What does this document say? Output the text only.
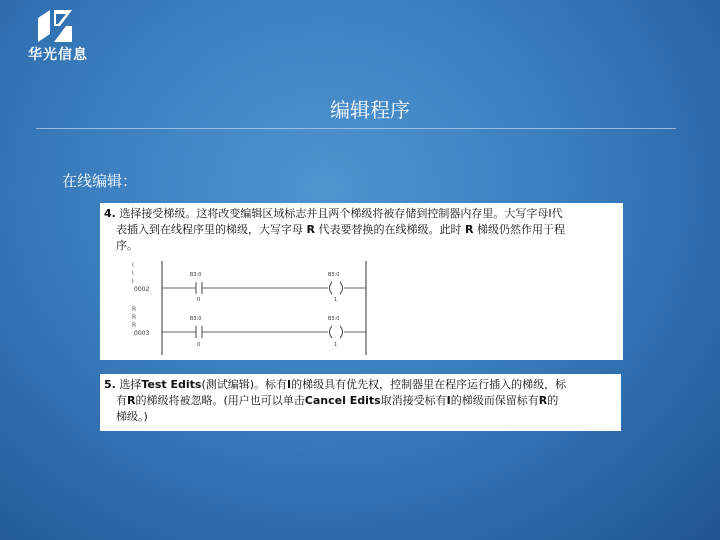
华光信息
编辑程序
在线编辑：
4. 选择接受梯级。这将改变编辑区域标志并且两个梯级将被存储到控制器内存里。大写字母I代
表插入到在线程序里的梯级，大写字母 R 代表要替换的在线梯级。此时 R 梯级仍然作用于程
序。
I
I
I
R
R
R
0002
B3:0
0
B3:0
1
0003
B3:0
0
B3:0
1
5. 选择Test Edits(测试编辑)。标有I的梯级具有优先权，控制器里在程序运行插入的梯级，标
有R的梯级将被忽略。(用户也可以单击Cancel Edits取消接受标有I的梯级而保留标有R的
梯级。)
